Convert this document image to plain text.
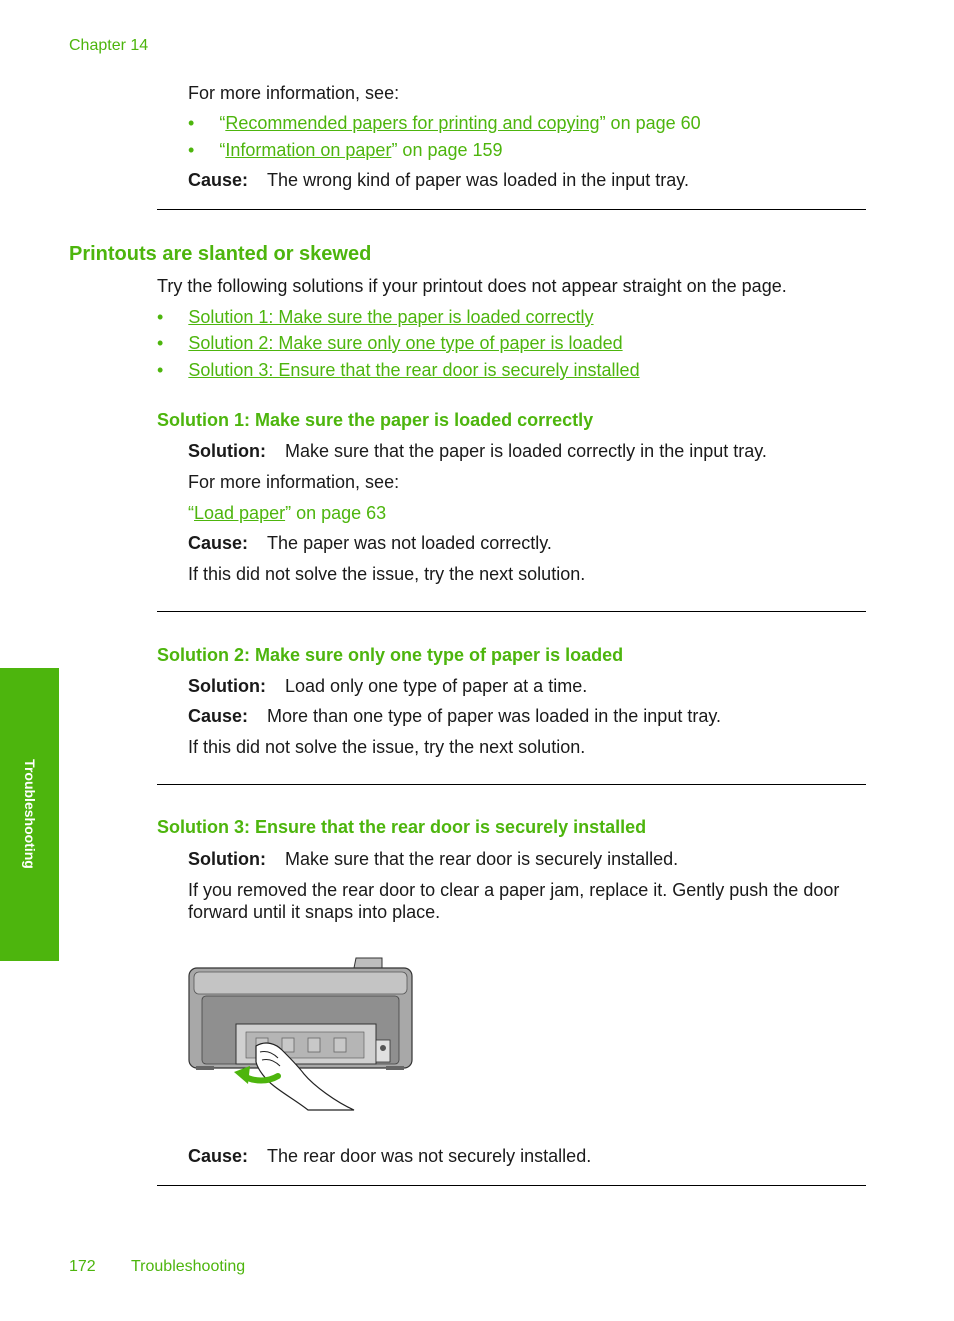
Chapter 14
For more information, see:
• “Recommended papers for printing and copying” on page 60
• “Information on paper” on page 159
Cause: The wrong kind of paper was loaded in the input tray.
Printouts are slanted or skewed
Try the following solutions if your printout does not appear straight on the page.
• Solution 1: Make sure the paper is loaded correctly
• Solution 2: Make sure only one type of paper is loaded
• Solution 3: Ensure that the rear door is securely installed
Solution 1: Make sure the paper is loaded correctly
Solution: Make sure that the paper is loaded correctly in the input tray.
For more information, see:
“Load paper” on page 63
Cause: The paper was not loaded correctly.
If this did not solve the issue, try the next solution.
Solution 2: Make sure only one type of paper is loaded
Solution: Load only one type of paper at a time.
Cause: More than one type of paper was loaded in the input tray.
If this did not solve the issue, try the next solution.
Solution 3: Ensure that the rear door is securely installed
Solution: Make sure that the rear door is securely installed.
If you removed the rear door to clear a paper jam, replace it. Gently push the door
forward until it snaps into place.
Cause: The rear door was not securely installed.
Troubleshooting
172 Troubleshooting
